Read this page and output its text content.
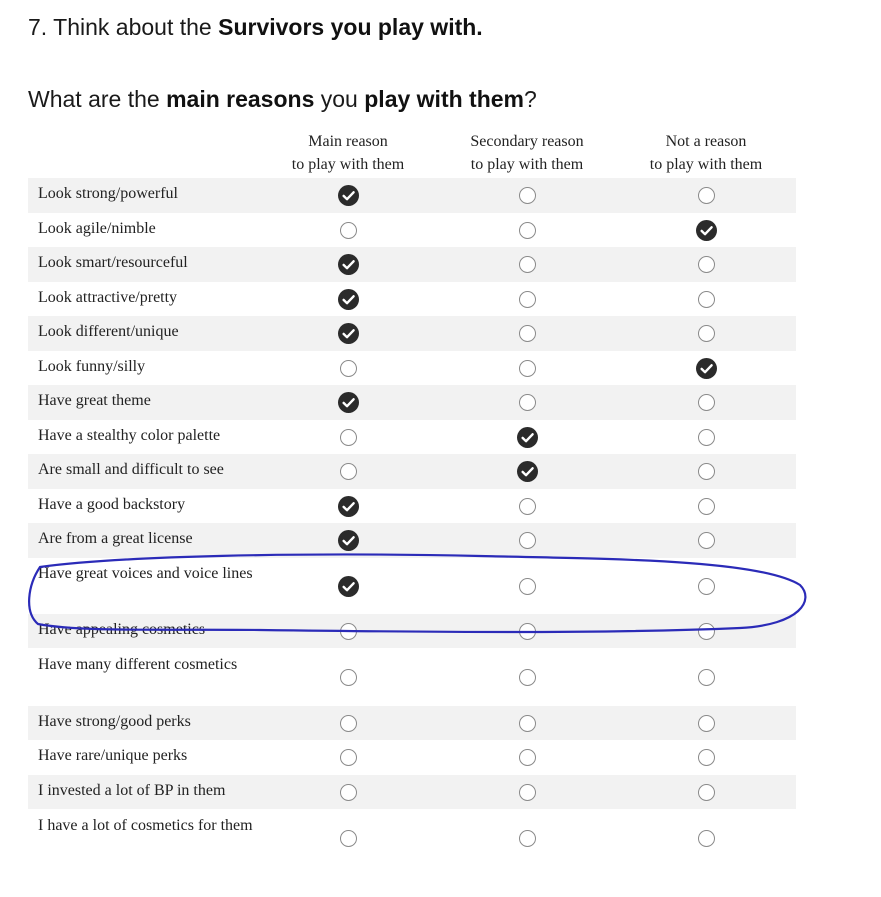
7. Think about the Survivors you play with.
What are the main reasons you play with them?
Main reason
to play with them
Secondary reason
to play with them
Not a reason
to play with them
Look strong/powerful
Look agile/nimble
Look smart/resourceful
Look attractive/pretty
Look different/unique
Look funny/silly
Have great theme
Have a stealthy color palette
Are small and difficult to see
Have a good backstory
Are from a great license
Have great voices and voice lines
Have appealing cosmetics
Have many different cosmetics
Have strong/good perks
Have rare/unique perks
I invested a lot of BP in them
I have a lot of cosmetics for them
